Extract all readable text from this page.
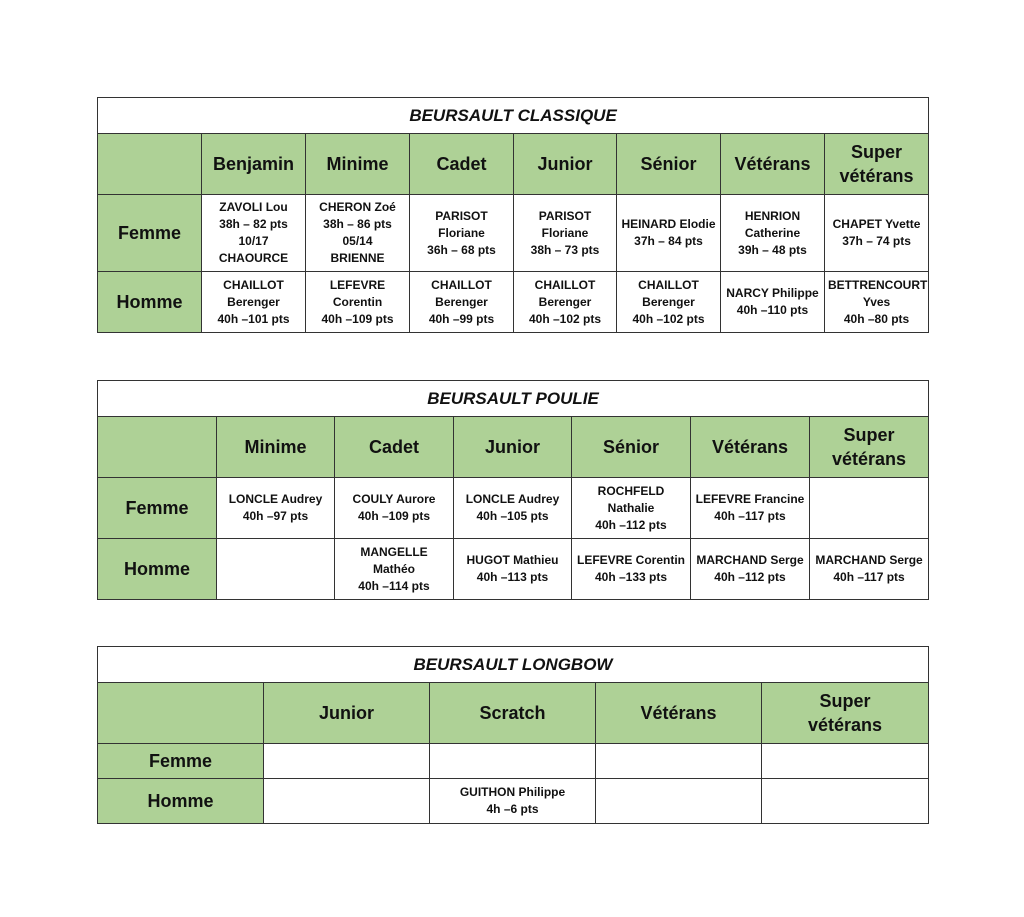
BEURSAULT CLASSIQUE							
	Benjamin	Minime	Cadet	Junior	Sénior	Vétérans	Super
vétérans
Femme	ZAVOLI Lou
38h – 82 pts
10/17
CHAOURCE	CHERON Zoé
38h – 86 pts
05/14
BRIENNE	PARISOT
Floriane
36h – 68 pts	PARISOT
Floriane
38h – 73 pts	HEINARD Elodie
37h – 84 pts	HENRION
Catherine
39h – 48 pts	CHAPET Yvette
37h – 74 pts
Homme	CHAILLOT
Berenger
40h –101 pts	LEFEVRE
Corentin
40h –109 pts	CHAILLOT
Berenger
40h –99 pts	CHAILLOT
Berenger
40h –102 pts	CHAILLOT
Berenger
40h –102 pts	NARCY Philippe
40h –110 pts	BETTRENCOURT
Yves
40h –80 pts
BEURSAULT POULIE						
	Minime	Cadet	Junior	Sénior	Vétérans	Super
vétérans
Femme	LONCLE Audrey
40h –97 pts	COULY Aurore
40h –109 pts	LONCLE Audrey
40h –105 pts	ROCHFELD
Nathalie
40h –112 pts	LEFEVRE Francine
40h –117 pts	
Homme		MANGELLE
Mathéo
40h –114 pts	HUGOT Mathieu
40h –113 pts	LEFEVRE Corentin
40h –133 pts	MARCHAND Serge
40h –112 pts	MARCHAND Serge
40h –117 pts
BEURSAULT LONGBOW				
	Junior	Scratch	Vétérans	Super
vétérans
Femme				
Homme		GUITHON Philippe
4h –6 pts		
